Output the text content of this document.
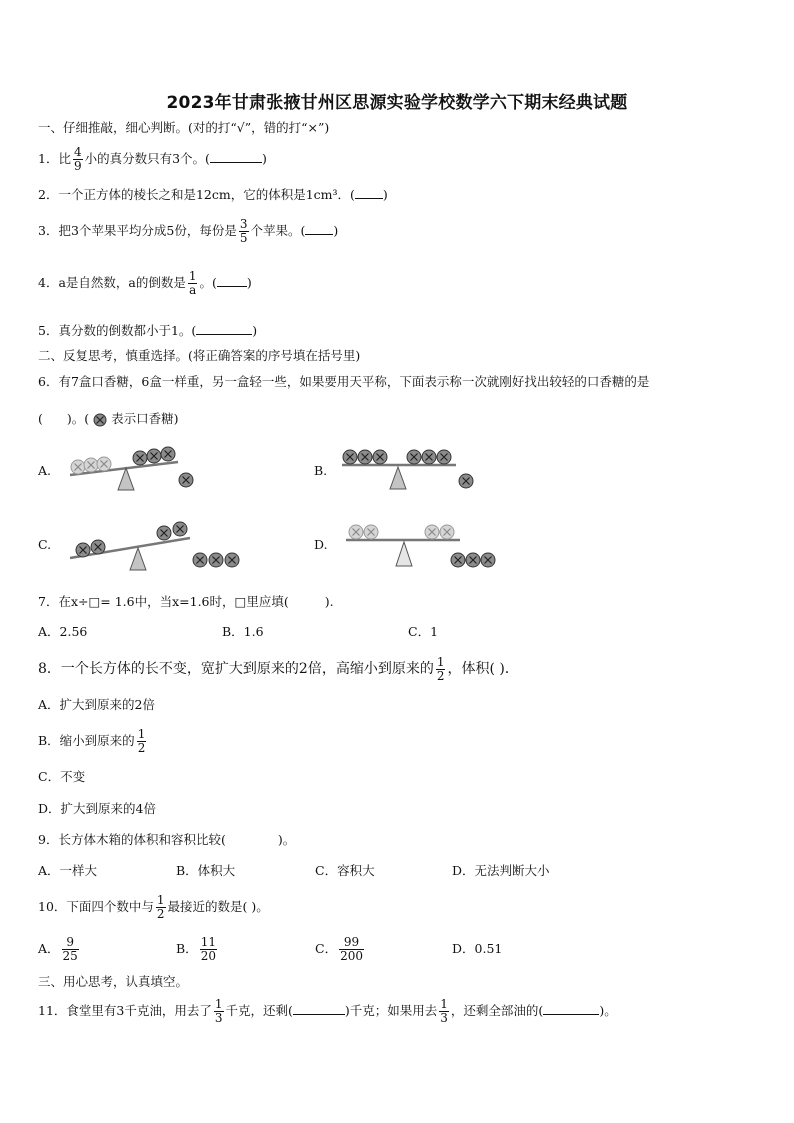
2023年甘肃张掖甘州区思源实验学校数学六下期末经典试题
一、仔细推敲，细心判断。(对的打“√”，错的打“×”)
1．比 $\frac{4}{9}$ 小的真分数只有3个。(	)
2．一个正方体的棱长之和是12cm，它的体积是1cm³．( )
3．把3个苹果平均分成5份，每份是 $\frac{3}{5}$ 个苹果。( )
4．a是自然数，a的倒数是 $\frac{1}{a}$ 。( )
5．真分数的倒数都小于1。(	)
二、反复思考，慎重选择。(将正确答案的序号填在括号里)
6．有7盒口香糖，6盒一样重，另一盒轻一些，如果要用天平称，下面表示称一次就刚好找出较轻的口香糖的是
( )。( 表示口香糖)
A.	B.
C.	D.
7．在x÷□= 1.6中，当x=1.6时，□里应填(	).
A．2.56	B．1.6	C．1
8．一个长方体的长不变，宽扩大到原来的2倍，高缩小到原来的 $\frac{1}{2}$ ，体积( )．
A．扩大到原来的2倍
B．缩小到原来的 $\frac{1}{2}$
C．不变
D．扩大到原来的4倍
9．长方体木箱的体积和容积比较(	)。
A．一样大	B．体积大	C．容积大	D．无法判断大小
10．下面四个数中与 $\frac{1}{2}$ 最接近的数是( )。
A． $\frac{9}{25}$	B． $\frac{11}{20}$	C． $\frac{99}{200}$	D．0.51
三、用心思考，认真填空。
11．食堂里有3千克油，用去了 $\frac{1}{3}$ 千克，还剩(	)千克；如果用去 $\frac{1}{3}$ ，还剩全部油的(	)。
